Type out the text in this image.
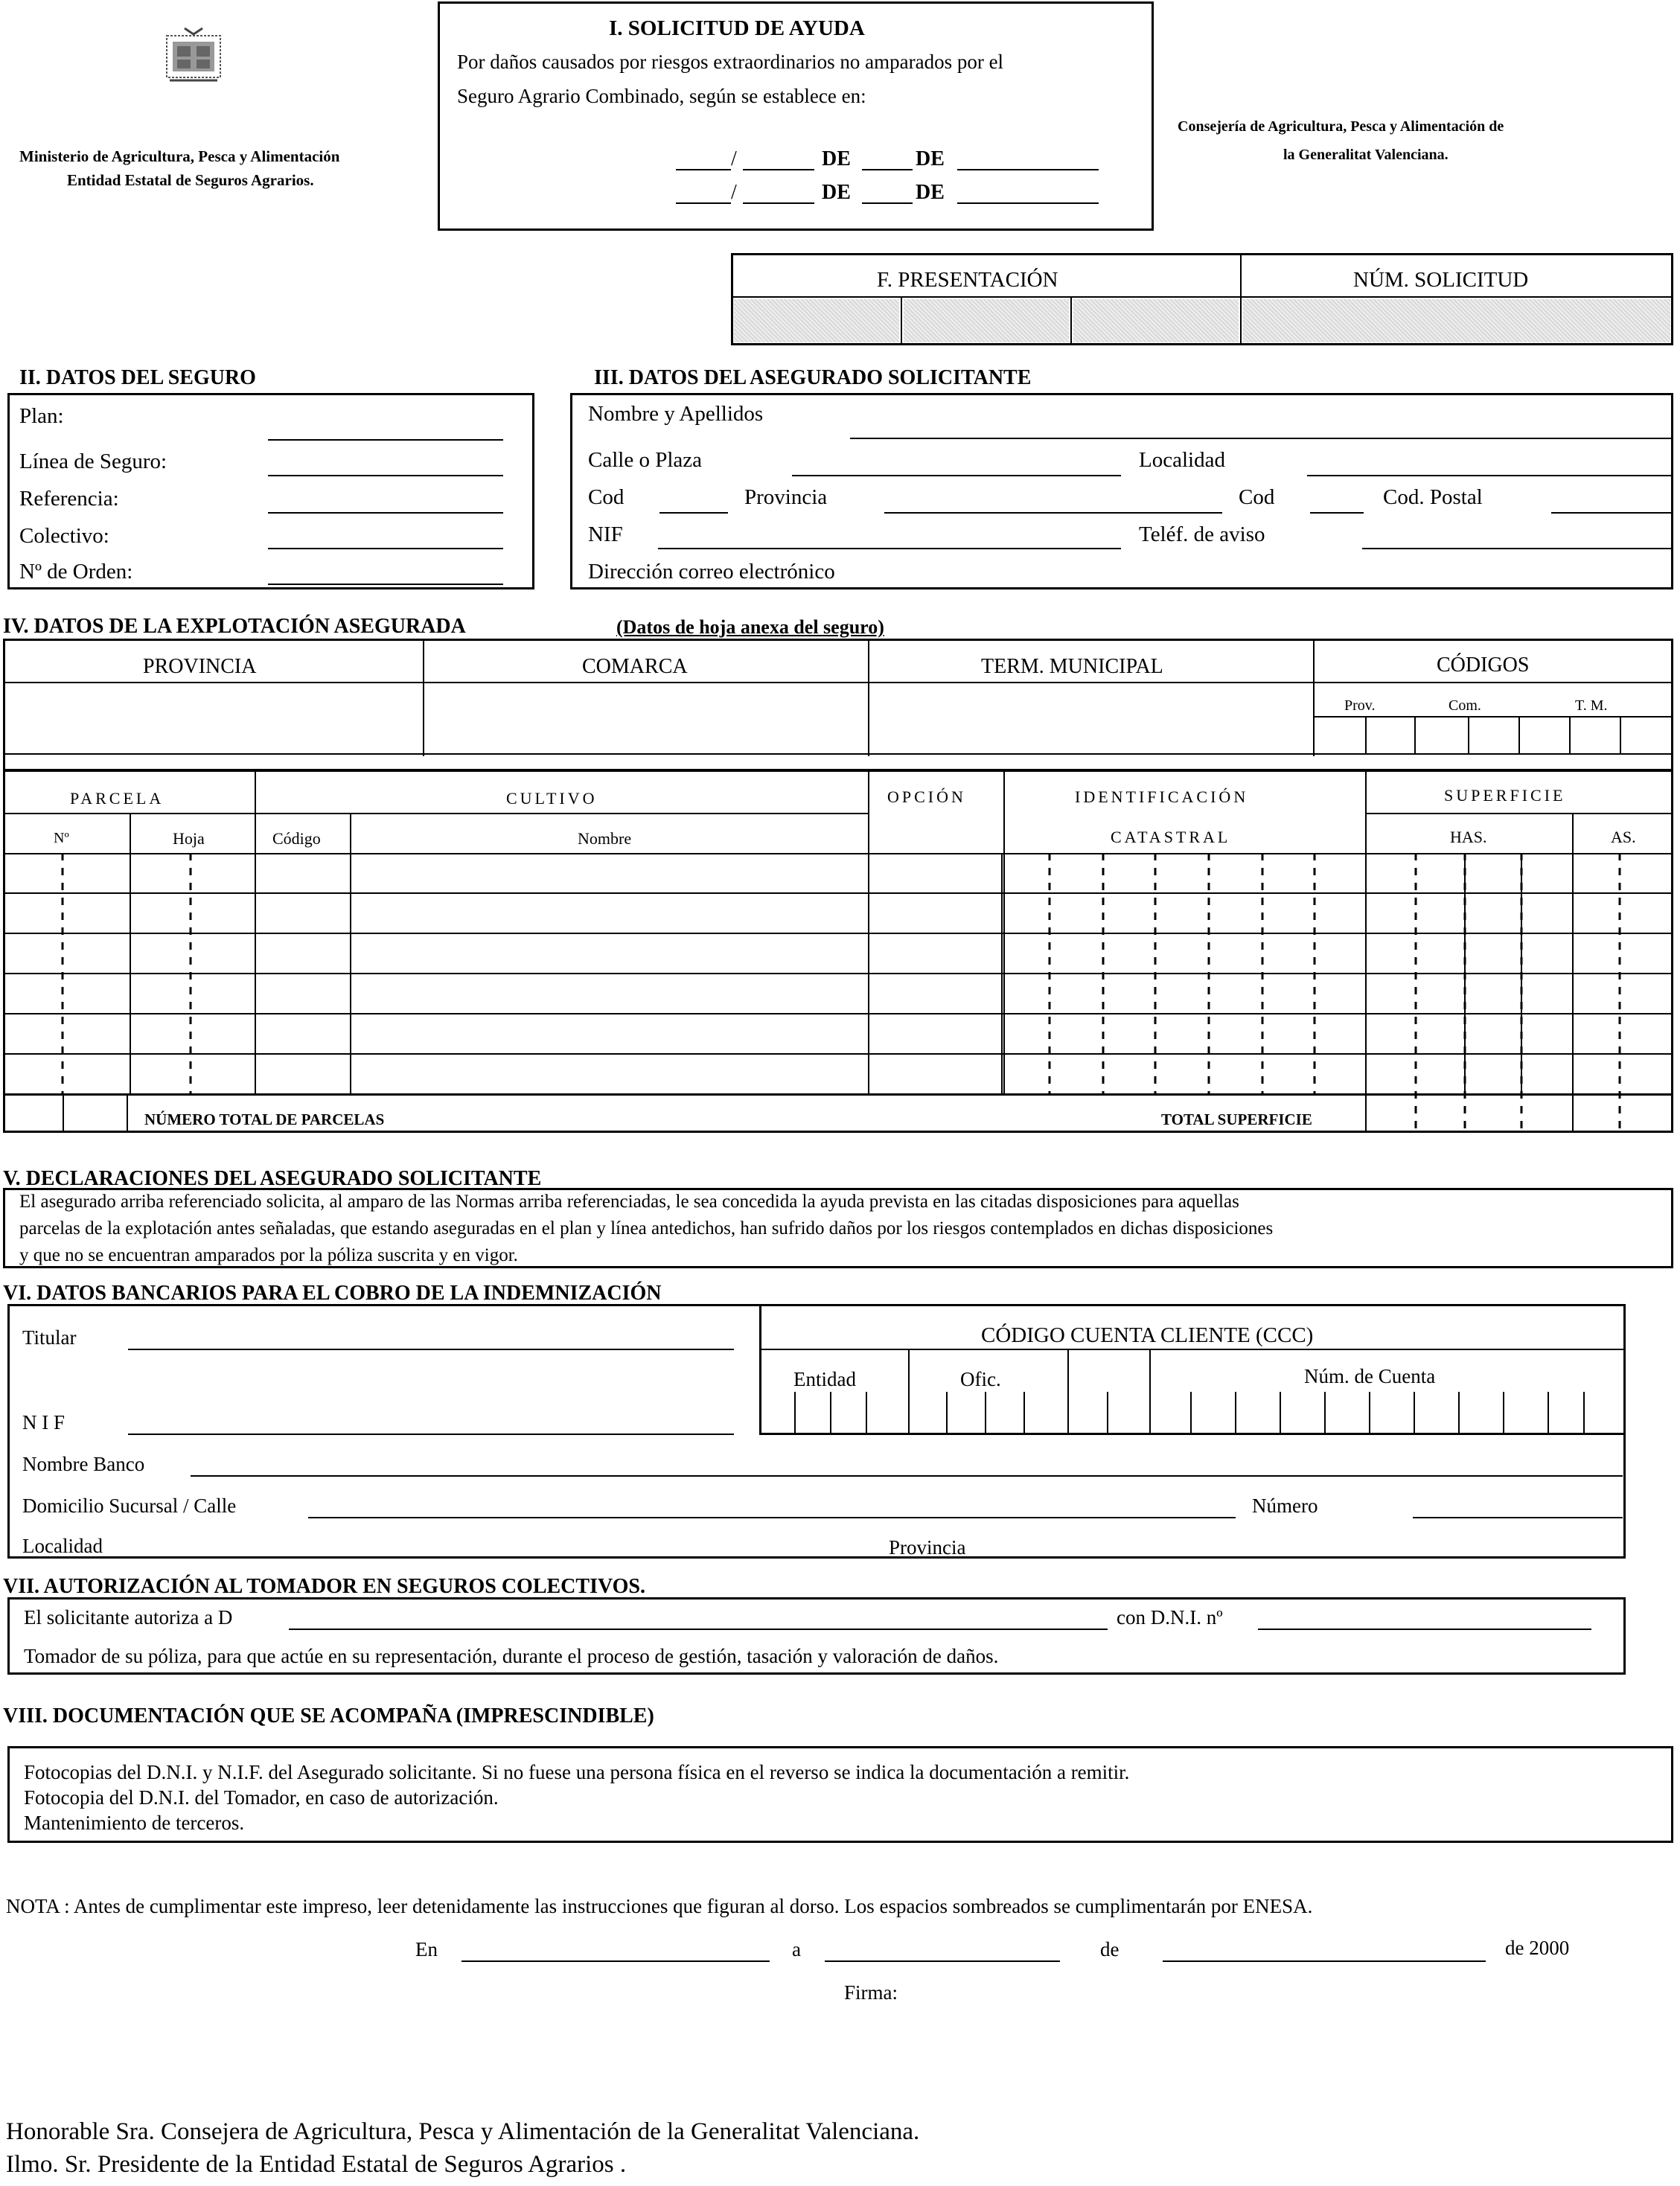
Ministerio de Agricultura, Pesca y Alimentación
Entidad Estatal de Seguros Agrarios.
I. SOLICITUD DE AYUDA
Por daños causados por riesgos extraordinarios no amparados por el
Seguro Agrario Combinado, según se establece en:
/	DE	DE
/	DE	DE
Consejería de Agricultura, Pesca y Alimentación de
la Generalitat Valenciana.
F. PRESENTACIÓN	NÚM. SOLICITUD
II. DATOS DEL SEGURO
Plan:
Línea de Seguro:
Referencia:
Colectivo:
Nº de Orden:
III. DATOS DEL ASEGURADO SOLICITANTE
Nombre y Apellidos
Calle o Plaza	Localidad
Cod	Provincia	Cod	Cod. Postal
NIF	Teléf. de aviso
Dirección correo electrónico
IV. DATOS DE LA EXPLOTACIÓN ASEGURADA	(Datos de hoja anexa del seguro)
PROVINCIA	COMARCA	TERM. MUNICIPAL	CÓDIGOS
Prov.	Com.	T. M.
PARCELA	CULTIVO	OPCIÓN	IDENTIFICACIÓN
CATASTRAL
SUPERFICIE
Nº	Hoja	Código	Nombre	HAS.	AS.
NÚMERO TOTAL DE PARCELAS	TOTAL SUPERFICIE
V. DECLARACIONES DEL ASEGURADO SOLICITANTE
El asegurado arriba referenciado solicita, al amparo de las Normas arriba referenciadas, le sea concedida la ayuda prevista en las citadas disposiciones para aquellas
parcelas de la explotación antes señaladas, que estando aseguradas en el plan y línea antedichos, han sufrido daños por los riesgos contemplados en dichas disposiciones
y que no se encuentran amparados por la póliza suscrita y en vigor.
VI. DATOS BANCARIOS PARA EL COBRO DE LA INDEMNIZACIÓN
Titular
N I F
CÓDIGO CUENTA CLIENTE (CCC)
Entidad	Ofic.	Núm. de Cuenta
Nombre Banco
Domicilio Sucursal / Calle	Número
Localidad	Provincia
VII. AUTORIZACIÓN AL TOMADOR EN SEGUROS COLECTIVOS.
El solicitante autoriza a D	con D.N.I. nº
Tomador de su póliza, para que actúe en su representación, durante el proceso de gestión, tasación y valoración de daños.
VIII. DOCUMENTACIÓN QUE SE ACOMPAÑA (IMPRESCINDIBLE)
Fotocopias del D.N.I. y N.I.F. del Asegurado solicitante. Si no fuese una persona física en el reverso se indica la documentación a remitir.
Fotocopia del D.N.I. del Tomador, en caso de autorización.
Mantenimiento de terceros.
NOTA : Antes de cumplimentar este impreso, leer detenidamente las instrucciones que figuran al dorso. Los espacios sombreados se cumplimentarán por ENESA.
En	a	de	de 2000
Firma:
Honorable Sra. Consejera de Agricultura, Pesca y Alimentación de la Generalitat Valenciana.
Ilmo. Sr. Presidente de la Entidad Estatal de Seguros Agrarios .
